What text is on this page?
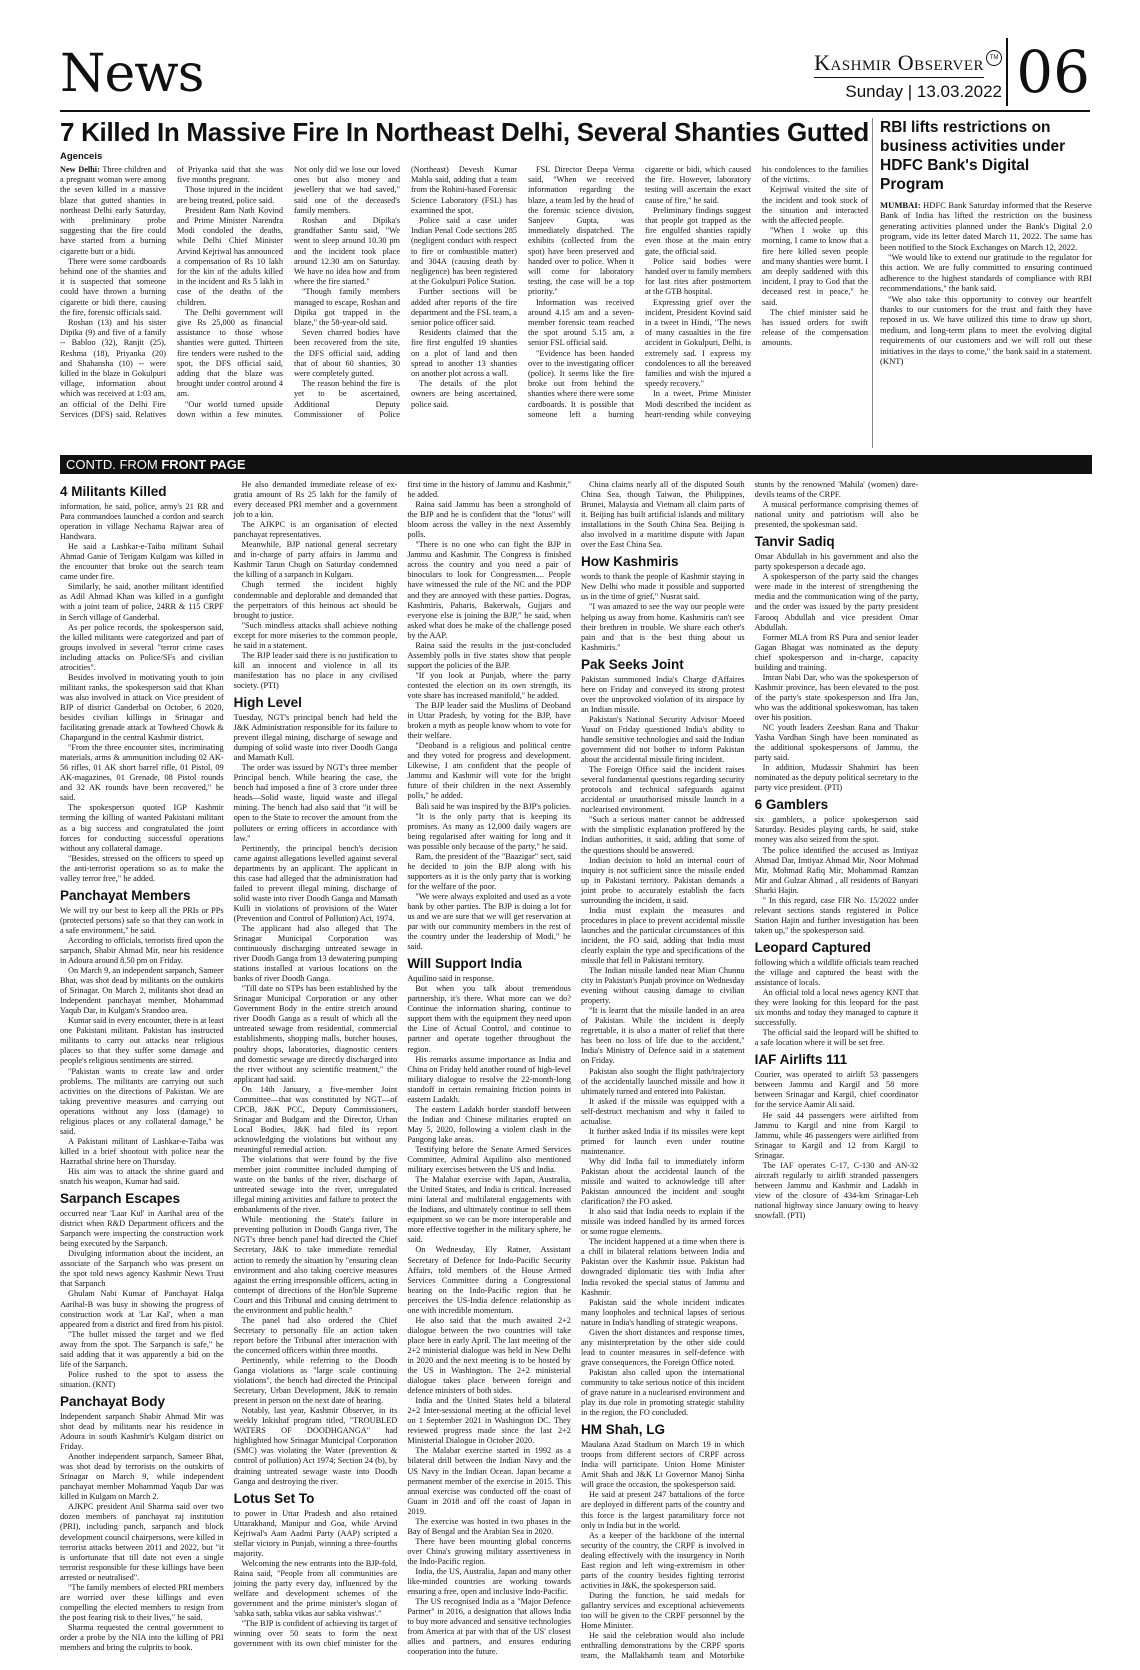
News	Kashmir Observer TM
Sunday | 13.03.2022 06
7 Killed In Massive Fire In Northeast Delhi, Several Shanties Gutted
Agenceis

New Delhi: Three children and a pregnant woman were among the seven killed in a massive blaze that gutted shanties in northeast Delhi early Saturday, with preliminary probe suggesting that the fire could have started from a burning cigarette butt or a bidi.

There were some cardboards behind one of the shanties and it is suspected that someone could have thrown a burning cigarette or bidi there, causing the fire, forensic officials said.

Roshan (13) and his sister Dipika (9) and five of a family -- Babloo (32), Ranjit (25), Reshma (18), Priyanka (20) and Shahansha (10) -- were killed in the blaze in Gokulpuri village, information about which was received at 1:03 am, an official of the Delhi Fire Services (DFS) said. Relatives of Priyanka said that she was five months pregnant.

Those injured in the incident are being treated, police said.

President Ram Nath Kovind and Prime Minister Narendra Modi condoled the deaths, while Delhi Chief Minister Arvind Kejriwal has announced a compensation of Rs 10 lakh for the kin of the adults killed in the incident and Rs 5 lakh in case of the deaths of the children.

The Delhi government will give Rs 25,000 as financial assistance to those whose shanties were gutted. Thirteen fire tenders were rushed to the spot, the DFS official said, adding that the blaze was brought under control around 4 am.

"Our world turned upside down within a few minutes. Not only did we lose our loved ones but also money and jewellery that we had saved," said one of the deceased's family members.

Roshan and Dipika's grandfather Santu said, "We went to sleep around 10.30 pm and the incident took place around 12.30 am on Saturday. We have no idea how and from where the fire started."

"Though family members managed to escape, Roshan and Dipika got trapped in the blaze," the 58-year-old said.

Seven charred bodies have been recovered from the site, the DFS official said, adding that of about 60 shanties, 30 were completely gutted.

The reason behind the fire is yet to be ascertained, Additional Deputy Commissioner of Police (Northeast) Devesh Kumar Mahla said, adding that a team from the Rohini-based Forensic Science Laboratory (FSL) has examined the spot.

Police said a case under Indian Penal Code sections 285 (negligent conduct with respect to fire or combustible matter) and 304A (causing death by negligence) has been registered at the Gokulpuri Police Station.

Further sections will be added after reports of the fire department and the FSL team, a senior police officer said.

Residents claimed that the fire first engulfed 19 shanties on a plot of land and then spread to another 13 shanties on another plot across a wall.

The details of the plot owners are being ascertained, police said.

FSL Director Deepa Verma said, "When we received information regarding the blaze, a team led by the head of the forensic science division, Sanjeev Gupta, was immediately dispatched. The exhibits (collected from the spot) have been preserved and handed over to police. When it will come for laboratory testing, the case will be a top priority."

Information was received around 4.15 am and a seven-member forensic team reached the spot around 5.15 am, a senior FSL official said.

"Evidence has been handed over to the investigating officer (police). It seems like the fire broke out from behind the shanties where there were some cardboards. It is possible that someone left a burning cigarette or bidi, which caused the fire. However, laboratory testing will ascertain the exact cause of fire," he said.

Preliminary findings suggest that people got trapped as the fire engulfed shanties rapidly even those at the main entry gate, the official said.

Police said bodies were handed over to family members for last rites after postmortem at the GTB hospital.

Expressing grief over the incident, President Kovind said in a tweet in Hindi, "The news of many casualties in the fire accident in Gokulpuri, Delhi, is extremely sad. I express my condolences to all the bereaved families and wish the injured a speedy recovery."

In a tweet, Prime Minister Modi described the incident as heart-rending while conveying his condolences to the families of the victims.

Kejriwal visited the site of the incident and took stock of the situation and interacted with the affected people.

"When I woke up this morning, I came to know that a fire here killed seven people and many shanties were burnt. I am deeply saddened with this incident, I pray to God that the deceased rest in peace," he said.

The chief minister said he has issued orders for swift release of the compensation amounts.

RBI lifts restrictions on business activities under HDFC Bank's Digital Program

MUMBAI: HDFC Bank Saturday informed that the Reserve Bank of India has lifted the restriction on the business generating activities planned under the Bank's Digital 2.0 program, vide its letter dated March 11, 2022. The same has been notified to the Stock Exchanges on March 12, 2022.

"We would like to extend our gratitude to the regulator for this action. We are fully committed to ensuring continued adherence to the highest standards of compliance with RBI recommendations," the bank said.

"We also take this opportunity to convey our heartfelt thanks to our customers for the trust and faith they have reposed in us. We have utilized this time to draw up short, medium, and long-term plans to meet the evolving digital requirements of our customers and we will roll out these initiatives in the days to come," the bank said in a statement. (KNT)

CONTD. FROM FRONT PAGE
4 Militants Killed

information, he said, police, army's 21 RR and Para commandoes launched a cordon and search operation in village Nechama Rajwar area of Handwara.

He said a Lashkar-e-Taiba militant Suhail Ahmad Ganie of Terigam Kulgam was killed in the encounter that broke out the search team came under fire.

Similarly, he said, another militant identified as Adil Ahmad Khan was killed in a gunfight with a joint team of police, 24RR & 115 CRPF in Serch village of Ganderbal.

As per police records, the spokesperson said, the killed militants were categorized and part of groups involved in several "terror crime cases including attacks on Police/SFs and civilian atrocities".

Besides involved in motivating youth to join militant ranks, the spokesperson said that Khan was also involved in attack on Vice president of BJP of district Ganderbal on October, 6 2020, besides civilian killings in Srinagar and facilitating grenade attack at Towheed Chowk & Chapargund in the central Kashmir district.

"From the three encounter sites, incriminating materials, arms & ammunition including 02 AK-56 rifles, 01 AK short barrel rifle, 01 Pistol, 09 AK-magazines, 01 Grenade, 08 Pistol rounds and 32 AK rounds have been recovered," he said.

The spokesperson quoted IGP Kashmir terming the killing of wanted Pakistani militant as a big success and congratulated the joint forces for conducting successful operations without any collateral damage.

"Besides, stressed on the officers to speed up the anti-terrorist operations so as to make the valley terror free," he added.

Panchayat Members

We will try our best to keep all the PRIs or PPs (protected persons) safe so that they can work in a safe environment," he said.

According to officials, terrorists fired upon the sarpanch, Shabir Ahmad Mir, near his residence in Adoura around 8.50 pm on Friday.

On March 9, an independent sarpanch, Sameer Bhat, was shot dead by militants on the outskirts of Srinagar. On March 2, militants shot dead an Independent panchayat member, Mohammad Yaqub Dar, in Kulgam's Srandoo area.

Kumar said in every encounter, there is at least one Pakistani militant. Pakistan has instructed militants to carry out attacks near religious places so that they suffer some damage and people's religious sentiments are stirred.

"Pakistan wants to create law and order problems. The militants are carrying out such activities on the directions of Pakistan. We are taking preventive measures and carrying out operations without any loss (damage) to religious places or any collateral damage," he said.

A Pakistani militant of Lashkar-e-Taiba was killed in a brief shootout with police near the Hazratbal shrine here on Thursday.

His aim was to attack the shrine guard and snatch his weapon, Kumar had said.

Sarpanch Escapes

occurred near 'Laar Kul' in Aarihal area of the district when R&D Department officers and the Sarpanch were inspecting the construction work being executed by the Sarpanch.

Divulging information about the incident, an associate of the Sarpanch who was present on the spot told news agency Kashmir News Trust that Sarpanch

Ghulam Nabi Kumar of Panchayat Halqa Aarihal-B was busy in showing the progress of construction work at 'Lar Kal', when a man appeared from a district and fired from his pistol.

"The bullet missed the target and we fled away from the spot. The Sarpanch is safe," he said adding that it was apparently a bid on the life of the Sarpanch.

Police rushed to the spot to assess the situation. (KNT)

Panchayat Body

Independent sarpanch Shabir Ahmad Mir was shot dead by militants near his residence in Adoura in south Kashmir's Kulgam district on Friday.

Another independent sarpanch, Sameer Bhat, was shot dead by terrorists on the outskirts of Srinagar on March 9, while independent panchayat member Mohammad Yaqub Dar was killed in Kulgam on March 2.

AJKPC president Anil Sharma said over two dozen members of panchayat raj institution (PRI), including panch, sarpanch and block development council chairpersons, were killed in terrorist attacks between 2011 and 2022, but "it is unfortunate that till date not even a single terrorist responsible for these killings have been arrested or neutralised".

"The family members of elected PRI members are worried over these killings and even compelling the elected members to resign from the post fearing risk to their lives," he said.

Sharma requested the central government to order a probe by the NIA into the killing of PRI members and bring the culprits to book.

He also demanded immediate release of ex-gratia amount of Rs 25 lakh for the family of every deceased PRI member and a government job to a kin.

The AJKPC is an organisation of elected panchayat representatives.

Meanwhile, BJP national general secretary and in-charge of party affairs in Jammu and Kashmir Tarun Chugh on Saturday condemned the killing of a sarpanch in Kulgam.

Chugh termed the incident highly condemnable and deplorable and demanded that the perpetrators of this heinous act should be brought to justice.

"Such mindless attacks shall achieve nothing except for more miseries to the common people, he said in a statement.

The BJP leader said there is no justification to kill an innocent and violence in all its manifestation has no place in any civilised society. (PTI)

High Level

Tuesday, NGT's principal bench had held the J&K Administration responsible for its failure to prevent illegal mining, discharge of sewage and dumping of solid waste into river Doodh Ganga and Mamath Kull.

The order was issued by NGT's three member Principal bench. While hearing the case, the bench had imposed a fine of 3 crore under three heads—Solid waste, liquid waste and illegal mining. The bench had also said that "it will be open to the State to recover the amount from the polluters or erring officers in accordance with law."

Pertinently, the principal bench's decision came against allegations levelled against several departments by an applicant. The applicant in this case had alleged that the administration had failed to prevent illegal mining, discharge of solid waste into river Doodh Ganga and Mamath Kulli in violations of provisions of the Water (Prevention and Control of Pollution) Act, 1974.

The applicant had also alleged that The Srinagar Municipal Corporation was continuously discharging untreated sewage in river Doodh Ganga from 13 dewatering pumping stations installed at various locations on the banks of river Doodh Ganga.

"Till date no STPs has been established by the Srinagar Municipal Corporation or any other Government Body in the entire stretch around river Doodh Ganga as a result of which all the untreated sewage from residential, commercial establishments, shopping malls, butcher houses, poultry shops, laboratories, diagnostic centers and domestic sewage are directly discharged into the river without any scientific treatment," the applicant had said.

On 14th January, a five-member Joint Committee—that was constituted by NGT—of CPCB, J&K PCC, Deputy Commissioners, Srinagar and Budgam and the Director, Urban Local Bodies, J&K had filed its report acknowledging the violations but without any meaningful remedial action.

The violations that were found by the five member joint committee included dumping of waste on the banks of the river, discharge of untreated sewage into the river, unregulated illegal mining activities and failure to protect the embankments of the river.

While mentioning the State's failure in preventing pollution in Doodh Ganga river, The NGT's three bench panel had directed the Chief Secretary, J&K to take immediate remedial action to remedy the situation by "ensuring clean environment and also taking coercive measures against the erring irresponsible officers, acting in contempt of directions of the Hon'ble Supreme Court and this Tribunal and causing detriment to the environment and public health."

The panel had also ordered the Chief Secretary to personally file an action taken report before the Tribunal after interaction with the concerned officers within three months.

Pertinently, while referring to the Doodh Ganga violations as "large scale continuing violations", the bench had directed the Principal Secretary, Urban Development, J&K to remain present in person on the next date of hearing.

Notably, last year, Kashmir Observer, in its weekly Inkishaf program titled, "TROUBLED WATERS OF DOODHGANGA" had highlighted how Srinagar Municipal Corporation (SMC) was violating the Water (prevention & control of pollution) Act 1974; Section 24 (b), by draining untreated sewage waste into Doodh Ganga and destroying the river.

Lotus Set To

to power in Uttar Pradesh and also retained Uttarakhand, Manipur and Goa, while Arvind Kejriwal's Aam Aadmi Party (AAP) scripted a stellar victory in Punjab, winning a three-fourths majority.

Welcoming the new entrants into the BJP-fold, Raina said, "People from all communities are joining the party every day, influenced by the welfare and development schemes of the government and the prime minister's slogan of 'sabka sath, sabka vikas aur sabka vishwas'."

"The BJP is confident of achieving its target of winning over 50 seats to form the next government with its own chief minister for the first time in the history of Jammu and Kashmir," he added.

Raina said Jammu has been a stronghold of the BJP and he is confident that the "lotus" will bloom across the valley in the next Assembly polls.

"There is no one who can fight the BJP in Jammu and Kashmir. The Congress is finished across the country and you need a pair of binoculars to look for Congressmen.... People have witnessed the rule of the NC and the PDP and they are annoyed with these parties. Dogras, Kashmiris, Paharis, Bakerwals, Gujjars and everyone else is joining the BJP," he said, when asked what does he make of the challenge posed by the AAP.

Raina said the results in the just-concluded Assembly polls in five states show that people support the policies of the BJP.

"If you look at Punjab, where the party contested the election on its own strength, its vote share has increased manifold," he added.

The BJP leader said the Muslims of Deoband in Uttar Pradesh, by voting for the BJP, have broken a myth as people know whom to vote for their welfare.

"Deoband is a religious and political centre and they voted for progress and development. Likewise, I am confident that the people of Jammu and Kashmir will vote for the bright future of their children in the next Assembly polls," he added.

Bali said he was inspired by the BJP's policies.

"It is the only party that is keeping its promises. As many as 12,000 daily wagers are being regularised after waiting for long and it was possible only because of the party," he said.

Ram, the president of the "Baazigar" sect, said he decided to join the BJP along with his supporters as it is the only party that is working for the welfare of the poor.

"We were always exploited and used as a vote bank by other parties. The BJP is doing a lot for us and we are sure that we will get reservation at par with our community members in the rest of the country under the leadership of Modi," he said.

Will Support India

Aquilino said in response.

But when you talk about tremendous partnership, it's there. What more can we do? Continue the information sharing, continue to support them with the equipment they need upon the Line of Actual Control, and continue to partner and operate together throughout the region.

His remarks assume importance as India and China on Friday held another round of high-level military dialogue to resolve the 22-month-long standoff in certain remaining friction points in eastern Ladakh.

The eastern Ladakh border standoff between the Indian and Chinese militaries erupted on May 5, 2020, following a violent clash in the Pangong lake areas.

Testifying before the Senate Armed Services Committee, Admiral Aquilino also mentioned military exercises between the US and India.

The Malabar exercise with Japan, Australia, the United States, and India is critical. Increased mini lateral and multilateral engagements with the Indians, and ultimately continue to sell them equipment so we can be more interoperable and more effective together in the military sphere, he said.

On Wednesday, Ely Ratner, Assistant Secretary of Defence for Indo-Pacific Security Affairs, told members of the House Armed Services Committee during a Congressional hearing on the Indo-Pacific region that he perceives the US-India defence relationship as one with incredible momentum.

He also said that the much awaited 2+2 dialogue between the two countries will take place here in early April. The last meeting of the 2+2 ministerial dialogue was held in New Delhi in 2020 and the next meeting is to be hosted by the US in Washington. The 2+2 ministerial dialogue takes place between foreign and defence ministers of both sides.

India and the United States held a bilateral 2+2 Inter-sessional meeting at the official level on 1 September 2021 in Washington DC. They reviewed progress made since the last 2+2 Ministerial Dialogue in October 2020.

The Malabar exercise started in 1992 as a bilateral drill between the Indian Navy and the US Navy in the Indian Ocean. Japan became a permanent member of the exercise in 2015. This annual exercise was conducted off the coast of Guam in 2018 and off the coast of Japan in 2019.

The exercise was hosted in two phases in the Bay of Bengal and the Arabian Sea in 2020.

There have been mounting global concerns over China's growing military assertiveness in the Indo-Pacific region.

India, the US, Australia, Japan and many other like-minded countries are working towards ensuring a free, open and inclusive Indo-Pacific.

The US recognised India as a "Major Defence Partner" in 2016, a designation that allows India to buy more advanced and sensitive technologies from America at par with that of the US' closest allies and partners, and ensures enduring cooperation into the future.

China claims nearly all of the disputed South China Sea, though Taiwan, the Philippines, Brunei, Malaysia and Vietnam all claim parts of it. Beijing has built artificial islands and military installations in the South China Sea. Beijing is also involved in a maritime dispute with Japan over the East China Sea.

How Kashmiris

words to thank the people of Kashmir staying in New Delhi who made it possible and supported us in the time of grief," Nusrat said.

"I was amazed to see the way our people were helping us away from home. Kashmiris can't see their brethren in trouble. We share each other's pain and that is the best thing about us Kashmiris."

Pak Seeks Joint

Pakistan summoned India's Charge d'Affaires here on Friday and conveyed its strong protest over the unprovoked violation of its airspace by an Indian missile.

Pakistan's National Security Advisor Moeed Yusuf on Friday questioned India's ability to handle sensitive technologies and said the Indian government did not bother to inform Pakistan about the accidental missile firing incident.

The Foreign Office said the incident raises several fundamental questions regarding security protocols and technical safeguards against accidental or unauthorised missile launch in a nuclearised environment.

"Such a serious matter cannot be addressed with the simplistic explanation proffered by the Indian authorities, it said, adding that some of the questions should be answered.

Indian decision to hold an internal court of inquiry is not sufficient since the missile ended up in Pakistani territory. Pakistan demands a joint probe to accurately establish the facts surrounding the incident, it said.

India must explain the measures and procedures in place to prevent accidental missile launches and the particular circumstances of this incident, the FO said, adding that India must clearly explain the type and specifications of the missile that fell in Pakistani territory.

The Indian missile landed near Mian Chunnu city in Pakistan's Punjab province on Wednesday evening without causing damage to civilian property.

"It is learnt that the missile landed in an area of Pakistan. While the incident is deeply regrettable, it is also a matter of relief that there has been no loss of life due to the accident," India's Ministry of Defence said in a statement on Friday.

Pakistan also sought the flight path/trajectory of the accidentally launched missile and how it ultimately turned and entered into Pakistan.

It asked if the missile was equipped with a self-destruct mechanism and why it failed to actualise.

It further asked India if its missiles were kept primed for launch even under routine maintenance.

Why did India fail to immediately inform Pakistan about the accidental launch of the missile and waited to acknowledge till after Pakistan announced the incident and sought clarification? the FO asked.

It also said that India needs to explain if the missile was indeed handled by its armed forces or some rogue elements.

The incident happened at a time when there is a chill in bilateral relations between India and Pakistan over the Kashmir issue. Pakistan had downgraded diplomatic ties with India after India revoked the special status of Jammu and Kashmir.

Pakistan said the whole incident indicates many loopholes and technical lapses of serious nature in India's handling of strategic weapons.

Given the short distances and response times, any misinterpretation by the other side could lead to counter measures in self-defence with grave consequences, the Foreign Office noted.

Pakistan also called upon the international community to take serious notice of this incident of grave nature in a nuclearised environment and play its due role in promoting strategic stability in the region, the FO concluded.

HM Shah, LG

Maulana Azad Stadium on March 19 in which troops from different sectors of CRPF across India will participate. Union Home Minister Amit Shah and J&K Lt Governor Manoj Sinha will grace the occasion, the spokesperson said.

He said at present 247 battalions of the force are deployed in different parts of the country and this force is the largest paramilitary force not only in India but in the world.

As a keeper of the backbone of the internal security of the country, the CRPF is involved in dealing effectively with the insurgency in North East region and left wing-extremism in other parts of the country besides fighting terrorist activities in J&K, the spokesperson said.

During the function, he said medals for gallantry services and exceptional achievements too will be given to the CRPF personnel by the Home Minister.

He said the celebration would also include enthralling demonstrations by the CRPF sports team, the Mallakhamb team and Motorbike stunts by the renowned 'Mahila' (women) dare- devils teams of the CRPF.

A musical performance comprising themes of national unity and patriotism will also be presented, the spokesman said.

Tanvir Sadiq

Omar Abdullah in his government and also the party spokesperson a decade ago.

A spokesperson of the party said the changes were made in the interest of strengthening the media and the communication wing of the party, and the order was issued by the party president Farooq Abdullah and vice president Omar Abdullah.

Former MLA from RS Pura and senior leader Gagan Bhagat was nominated as the deputy chief spokesperson and in-charge, capacity building and training.

Imran Nabi Dar, who was the spokesperson of Kashmir province, has been elevated to the post of the party's state spokesperson and Ifra Jan, who was the additional spokeswoman, has taken over his position.

NC youth leaders Zeeshan Rana and Thakur Yasha Vardhan Singh have been nominated as the additional spokespersons of Jammu, the party said.

In addition, Mudassir Shahmiri has been nominated as the deputy political secretary to the party vice president. (PTI)

6 Gamblers

six gamblers, a police spokesperson said Saturday. Besides playing cards, he said, stake money was also seized from the spot.

The police identified the accused as Imtiyaz Ahmad Dar, Imtiyaz Ahmad Mir, Noor Mohmad Mir, Mohmad Rafiq Mir, Mohammad Ramzan Mir and Gulzar Ahmad , all residents of Banyari Sharki Hajin.

" In this regard, case FIR No. 15/2022 under relevant sections stands registered in Police Station Hajin and further investigation has been taken up," the spokesperson said.

Leopard Captured

following which a wildlife officials team reached the village and captured the beast with the assistance of locals.

An official told a local news agency KNT that they were looking for this leopard for the past six months and today they managed to capture it successfully.

The official said the leopard will be shifted to a safe location where it will be set free.

IAF Airlifts 111

Courier, was operated to airlift 53 passengers between Jammu and Kargil and 58 more between Srinagar and Kargil, chief coordinator for the service Aamir Ali said.

He said 44 passengers were airlifted from Jammu to Kargil and nine from Kargil to Jammu, while 46 passengers were airlifted from Srinagar to Kargil and 12 from Kargil to Srinagar.

The IAF operates C-17, C-130 and AN-32 aircraft regularly to airlift stranded passengers between Jammu and Kashmir and Ladakh in view of the closure of 434-km Srinagar-Leh national highway since January owing to heavy snowfall. (PTI)
